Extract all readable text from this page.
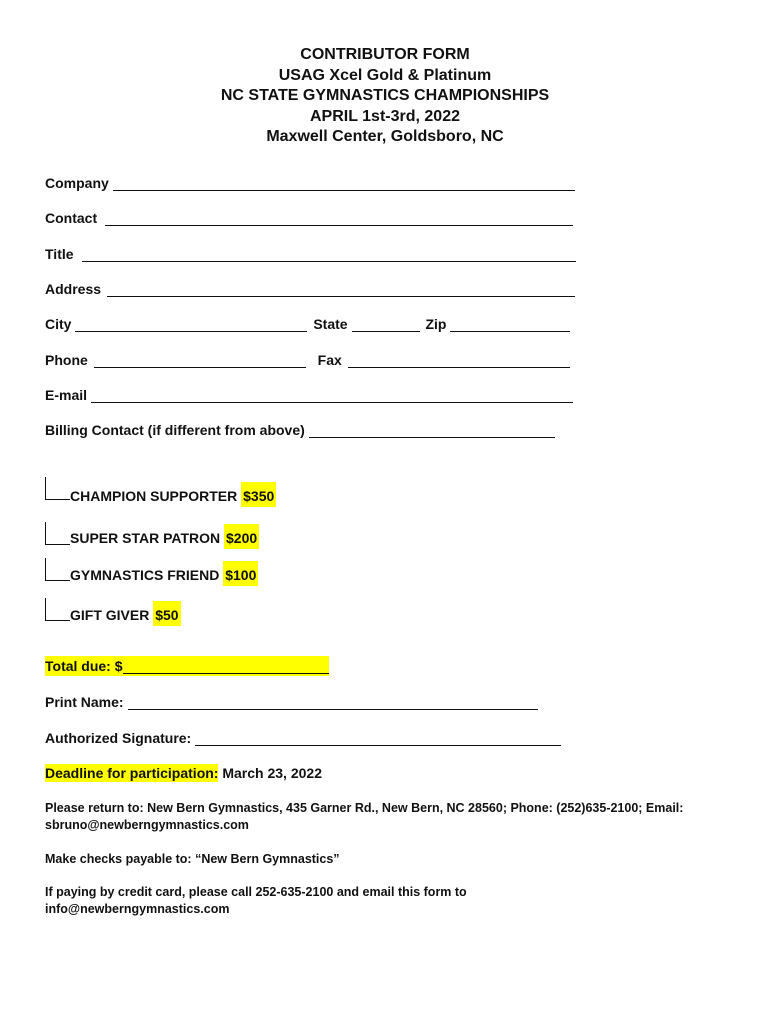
CONTRIBUTOR FORM
USAG Xcel Gold & Platinum
NC STATE GYMNASTICS CHAMPIONSHIPS
APRIL 1st-3rd, 2022
Maxwell Center, Goldsboro, NC
Company
Contact
Title
Address
City	State	Zip
Phone	Fax
E-mail
Billing Contact (if different from above)
CHAMPION SUPPORTER $350
SUPER STAR PATRON $200
GYMNASTICS FRIEND $100
GIFT GIVER $50
Total due: $
Print Name:
Authorized Signature:
Deadline for participation: March 23, 2022
Please return to: New Bern Gymnastics, 435 Garner Rd., New Bern, NC 28560; Phone: (252)635-2100; Email: sbruno@newberngymnastics.com
Make checks payable to: “New Bern Gymnastics”
If paying by credit card, please call 252-635-2100 and email this form to info@newberngymnastics.com
